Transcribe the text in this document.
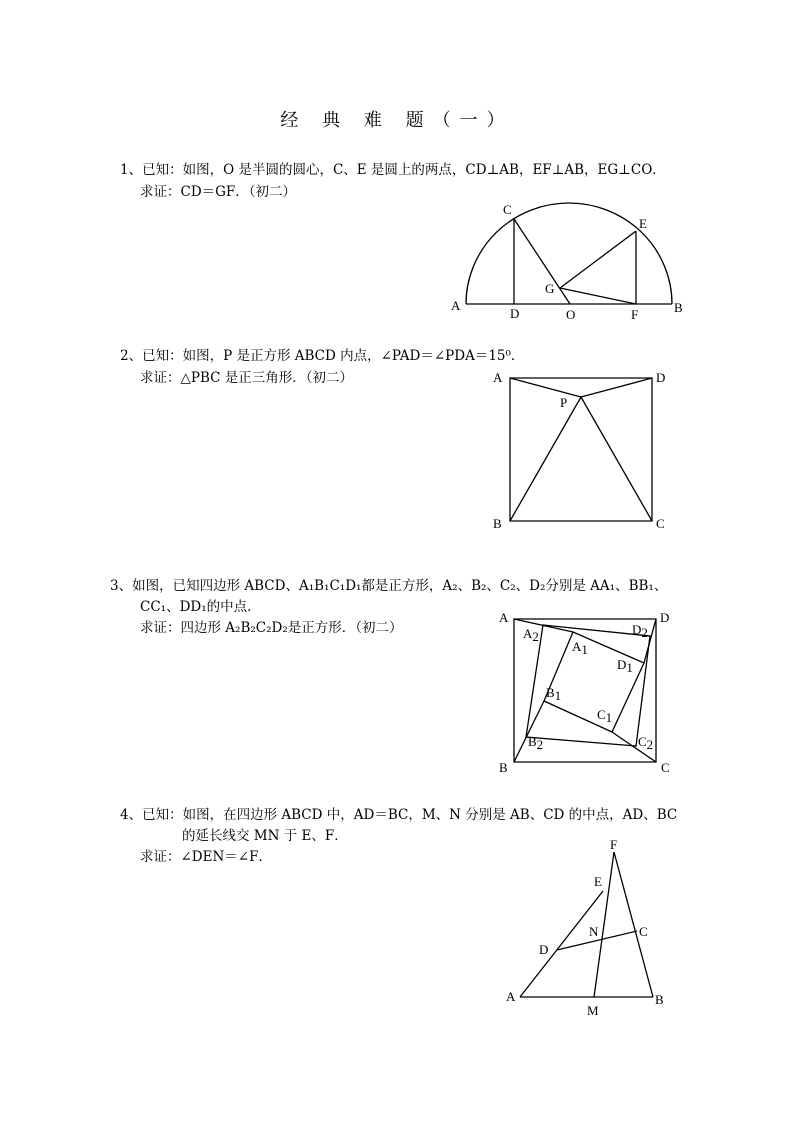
经 典 难 题（一）
1、已知：如图，O 是半圆的圆心，C、E 是圆上的两点，CD⊥AB，EF⊥AB，EG⊥CO．
求证：CD＝GF．（初二）
2、已知：如图，P 是正方形 ABCD 内点，∠PAD＝∠PDA＝15⁰．
求证：△PBC 是正三角形．（初二）
3、如图，已知四边形 ABCD、A₁B₁C₁D₁都是正方形，A₂、B₂、C₂、D₂分别是 AA₁、BB₁、
CC₁、DD₁的中点．
求证：四边形 A₂B₂C₂D₂是正方形．（初二）
4、已知：如图，在四边形 ABCD 中，AD＝BC，M、N 分别是 AB、CD 的中点，AD、BC
的延长线交 MN 于 E、F．
求证：∠DEN＝∠F．
A	B
C
D
E
F
G
O
A	D
B	C
P
A	D
B	C
A2	D2
A1
D1
B1
C1
B2	C2
A	B
C
D
E
F
M
N
